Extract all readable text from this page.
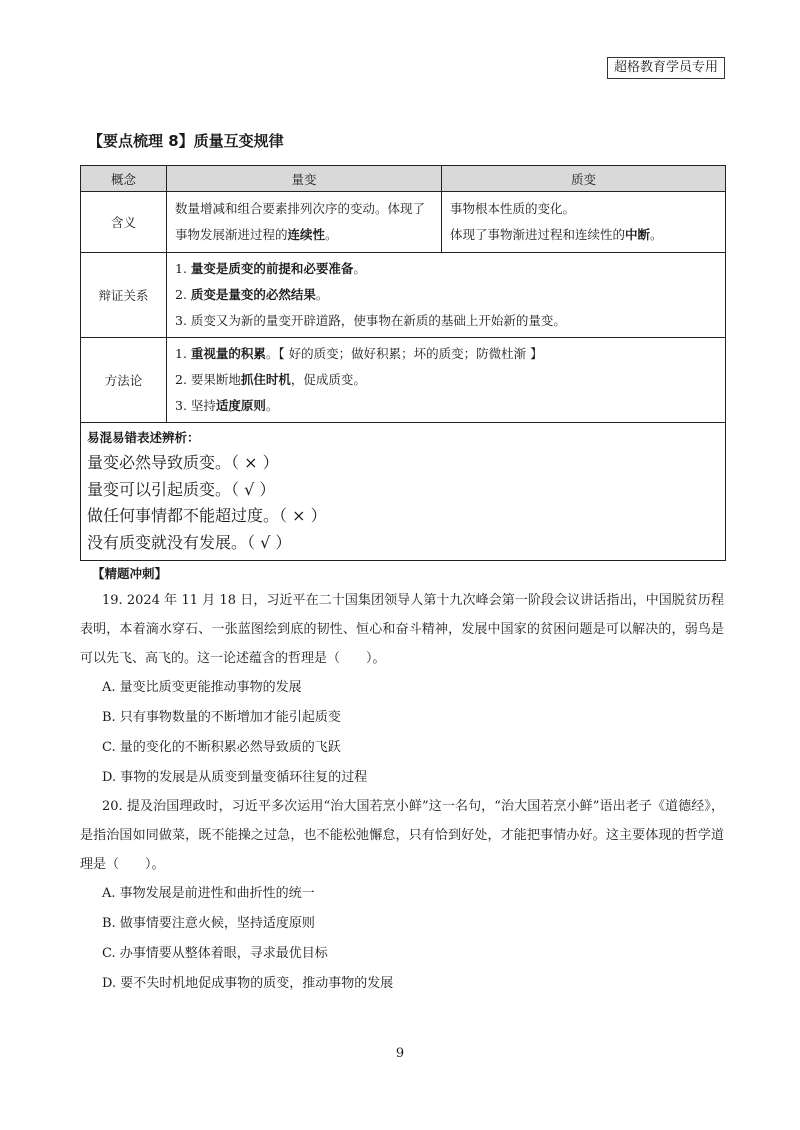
超格教育学员专用
【要点梳理 8】质量互变规律
概念	量变	质变
含义
数量增减和组合要素排列次序的变动。体现了
事物发展渐进过程的连续性。
事物根本性质的变化。
体现了事物渐进过程和连续性的中断。
辩证关系
1. 量变是质变的前提和必要准备。
2. 质变是量变的必然结果。
3. 质变又为新的量变开辟道路，使事物在新质的基础上开始新的量变。
方法论
1. 重视量的积累。【 好的质变；做好积累；坏的质变；防微杜渐 】
2. 要果断地抓住时机，促成质变。
3. 坚持适度原则。
易混易错表述辨析：
量变必然导致质变。（ × ）
量变可以引起质变。（ √ ）
做任何事情都不能超过度。（ × ）
没有质变就没有发展。（ √ ）
【精题冲刺】
19. 2024 年 11 月 18 日，习近平在二十国集团领导人第十九次峰会第一阶段会议讲话指出，中国脱贫历程表明，本着滴水穿石、一张蓝图绘到底的韧性、恒心和奋斗精神，发展中国家的贫困问题是可以解决的，弱鸟是可以先飞、高飞的。这一论述蕴含的哲理是（　　）。
A. 量变比质变更能推动事物的发展
B. 只有事物数量的不断增加才能引起质变
C. 量的变化的不断积累必然导致质的飞跃
D. 事物的发展是从质变到量变循环往复的过程
20. 提及治国理政时，习近平多次运用“治大国若烹小鲜”这一名句，“治大国若烹小鲜”语出老子《道德经》，是指治国如同做菜，既不能操之过急，也不能松弛懈怠，只有恰到好处，才能把事情办好。这主要体现的哲学道理是（　　）。
A. 事物发展是前进性和曲折性的统一
B. 做事情要注意火候，坚持适度原则
C. 办事情要从整体着眼，寻求最优目标
D. 要不失时机地促成事物的质变，推动事物的发展
9
